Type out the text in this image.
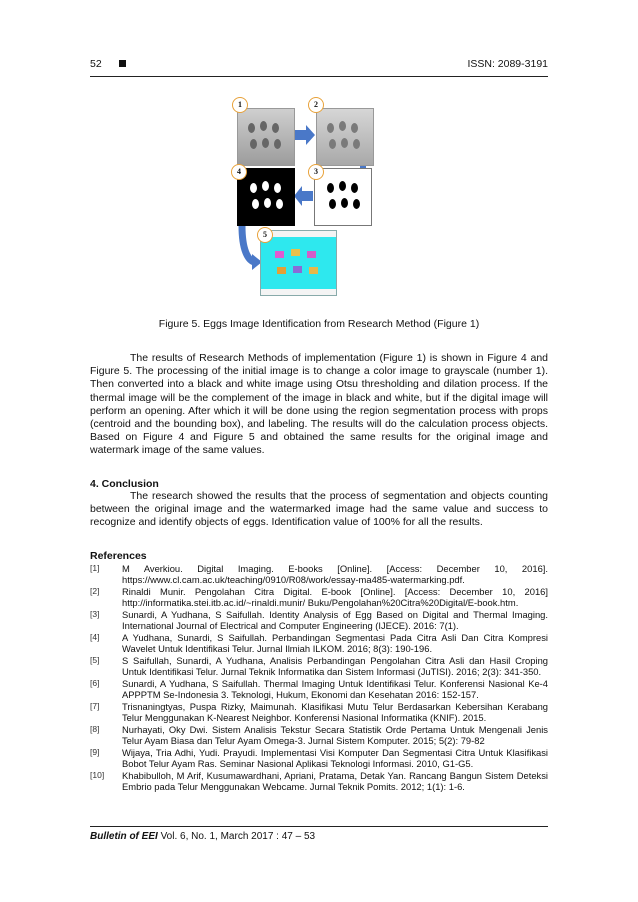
52	ISSN: 2089-3191
1	2
3
4
5
Figure 5. Eggs Image Identification from Research Method (Figure 1)

The results of Research Methods of implementation (Figure 1) is shown in Figure 4 and Figure 5. The processing of the initial image is to change a color image to grayscale (number 1). Then converted into a black and white image using Otsu thresholding and dilation process. If the thermal image will be the complement of the image in black and white, but if the digital image will perform an opening. After which it will be done using the region segmentation process with props (centroid and the bounding box), and labeling. The results will do the calculation process objects. Based on Figure 4 and Figure 5 and obtained the same results for the original image and watermark image of the same values.

4. Conclusion

The research showed the results that the process of segmentation and objects counting between the original image and the watermarked image had the same value and success to recognize and identify objects of eggs. Identification value of 100% for all the results.

References
[1] M Averkiou. Digital Imaging. E-books [Online]. [Access: December 10, 2016]. https://www.cl.cam.ac.uk/teaching/0910/R08/work/essay-ma485-watermarking.pdf.
[2] Rinaldi Munir. Pengolahan Citra Digital. E-book [Online]. [Access: December 10, 2016] http://informatika.stei.itb.ac.id/~rinaldi.munir/ Buku/Pengolahan%20Citra%20Digital/E-book.htm.
[3] Sunardi, A Yudhana, S Saifullah. Identity Analysis of Egg Based on Digital and Thermal Imaging. International Journal of Electrical and Computer Engineering (IJECE). 2016: 7(1).
[4] A Yudhana, Sunardi, S Saifullah. Perbandingan Segmentasi Pada Citra Asli Dan Citra Kompresi Wavelet Untuk Identifikasi Telur. Jurnal Ilmiah ILKOM. 2016; 8(3): 190-196.
[5] S Saifullah, Sunardi, A Yudhana, Analisis Perbandingan Pengolahan Citra Asli dan Hasil Croping Untuk Identifikasi Telur. Jurnal Teknik Informatika dan Sistem Informasi (JuTISI). 2016; 2(3): 341-350.
[6] Sunardi, A Yudhana, S Saifullah. Thermal Imaging Untuk Identifikasi Telur. Konferensi Nasional Ke-4 APPPTM Se-Indonesia 3. Teknologi, Hukum, Ekonomi dan Kesehatan 2016: 152-157.
[7] Trisnaningtyas, Puspa Rizky, Maimunah. Klasifikasi Mutu Telur Berdasarkan Kebersihan Kerabang Telur Menggunakan K-Nearest Neighbor. Konferensi Nasional Informatika (KNIF). 2015.
[8] Nurhayati, Oky Dwi. Sistem Analisis Tekstur Secara Statistik Orde Pertama Untuk Mengenali Jenis Telur Ayam Biasa dan Telur Ayam Omega-3. Jurnal Sistem Komputer. 2015; 5(2): 79-82
[9] Wijaya, Tria Adhi, Yudi. Prayudi. Implementasi Visi Komputer Dan Segmentasi Citra Untuk Klasifikasi Bobot Telur Ayam Ras. Seminar Nasional Aplikasi Teknologi Informasi. 2010, G1-G5.
[10] Khabibulloh, M Arif, Kusumawardhani, Apriani, Pratama, Detak Yan. Rancang Bangun Sistem Deteksi Embrio pada Telur Menggunakan Webcame. Jurnal Teknik Pomits. 2012; 1(1): 1-6.
Bulletin of EEI Vol. 6, No. 1, March 2017 : 47 – 53
